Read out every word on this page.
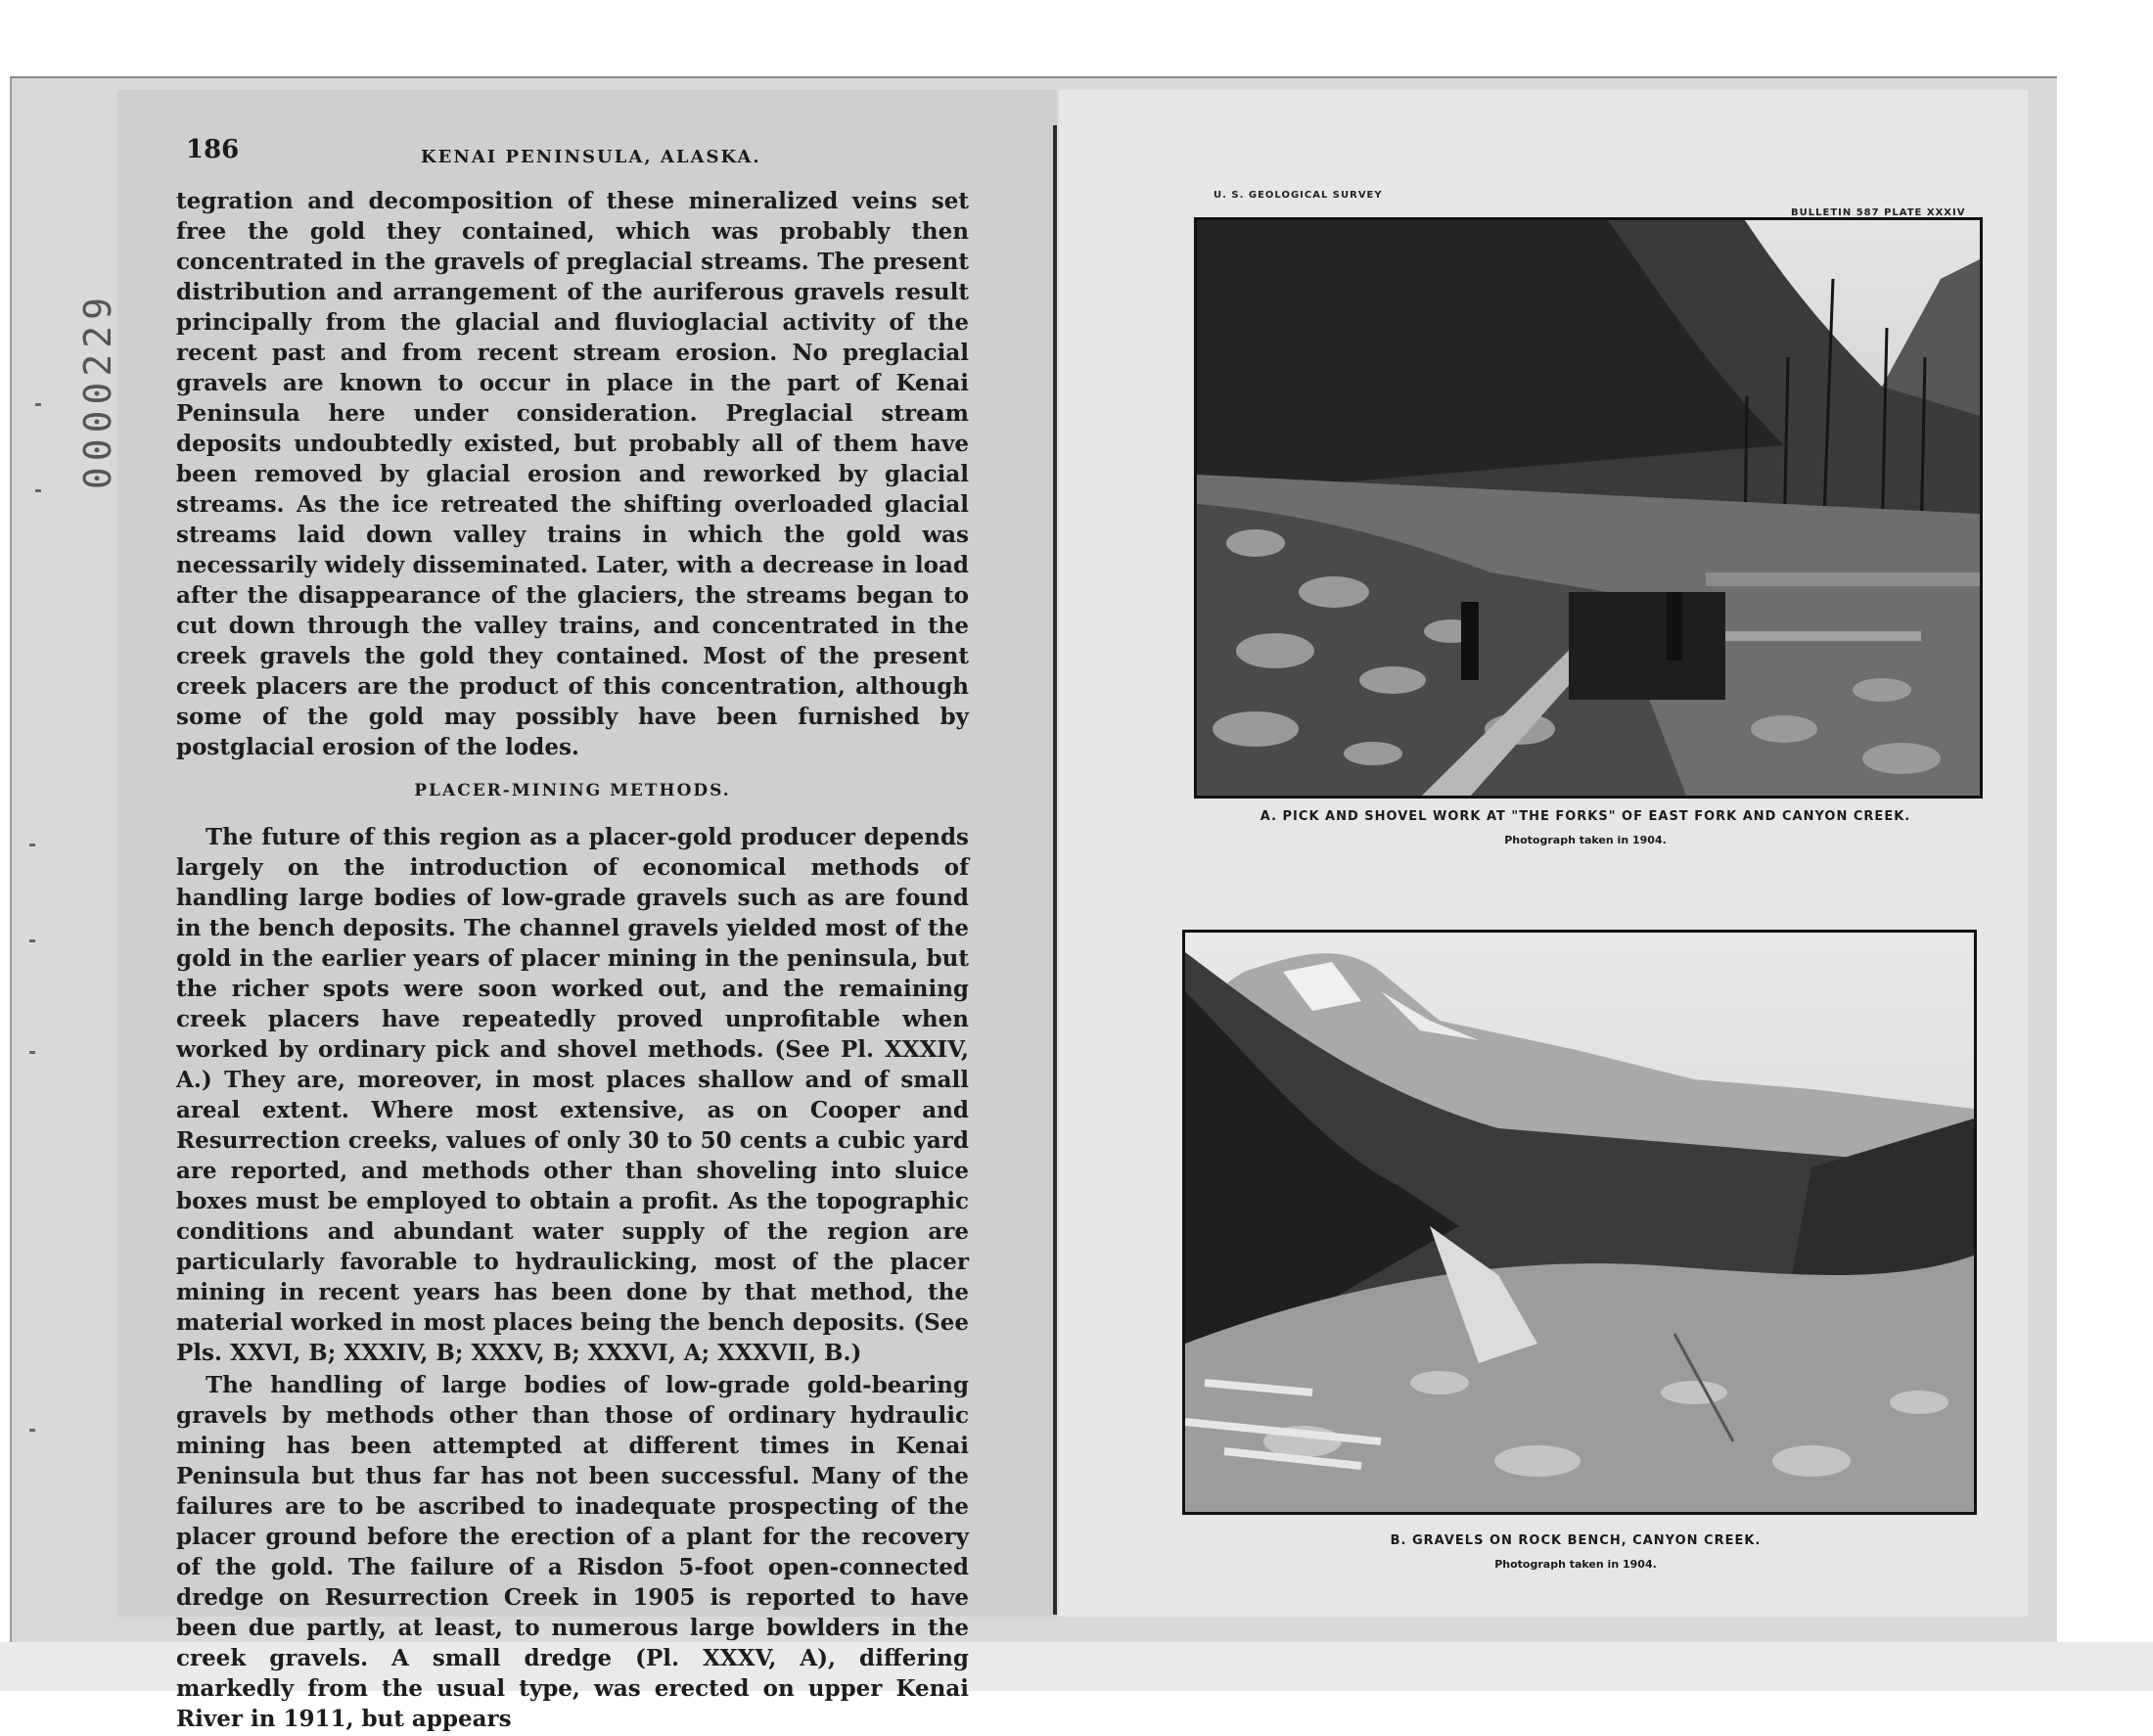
0000229
186	KENAI PENINSULA, ALASKA.

tegration and decomposition of these mineralized veins set free the gold they contained, which was probably then concentrated in the gravels of preglacial streams. The present distribution and arrangement of the auriferous gravels result principally from the glacial and fluvioglacial activity of the recent past and from recent stream erosion. No preglacial gravels are known to occur in place in the part of Kenai Peninsula here under consideration. Preglacial stream deposits undoubtedly existed, but probably all of them have been removed by glacial erosion and reworked by glacial streams. As the ice retreated the shifting overloaded glacial streams laid down valley trains in which the gold was necessarily widely disseminated. Later, with a decrease in load after the disappearance of the glaciers, the streams began to cut down through the valley trains, and concentrated in the creek gravels the gold they contained. Most of the present creek placers are the product of this concentration, although some of the gold may possibly have been furnished by postglacial erosion of the lodes.

PLACER-MINING METHODS.

The future of this region as a placer-gold producer depends largely on the introduction of economical methods of handling large bodies of low-grade gravels such as are found in the bench deposits. The channel gravels yielded most of the gold in the earlier years of placer mining in the peninsula, but the richer spots were soon worked out, and the remaining creek placers have repeatedly proved unprofitable when worked by ordinary pick and shovel methods. (See Pl. XXXIV, A.) They are, moreover, in most places shallow and of small areal extent. Where most extensive, as on Cooper and Resurrection creeks, values of only 30 to 50 cents a cubic yard are reported, and methods other than shoveling into sluice boxes must be employed to obtain a profit. As the topographic conditions and abundant water supply of the region are particularly favorable to hydraulicking, most of the placer mining in recent years has been done by that method, the material worked in most places being the bench deposits. (See Pls. XXVI, B; XXXIV, B; XXXV, B; XXXVI, A; XXXVII, B.)

The handling of large bodies of low-grade gold-bearing gravels by methods other than those of ordinary hydraulic mining has been attempted at different times in Kenai Peninsula but thus far has not been successful. Many of the failures are to be ascribed to inadequate prospecting of the placer ground before the erection of a plant for the recovery of the gold. The failure of a Risdon 5-foot open-connected dredge on Resurrection Creek in 1905 is reported to have been due partly, at least, to numerous large bowlders in the creek gravels. A small dredge (Pl. XXXV, A), differing markedly from the usual type, was erected on upper Kenai River in 1911, but appears

U. S. GEOLOGICAL SURVEY
BULLETIN 587 PLATE XXXIV
A. PICK AND SHOVEL WORK AT "THE FORKS" OF EAST FORK AND CANYON CREEK.
Photograph taken in 1904.
B. GRAVELS ON ROCK BENCH, CANYON CREEK.
Photograph taken in 1904.
